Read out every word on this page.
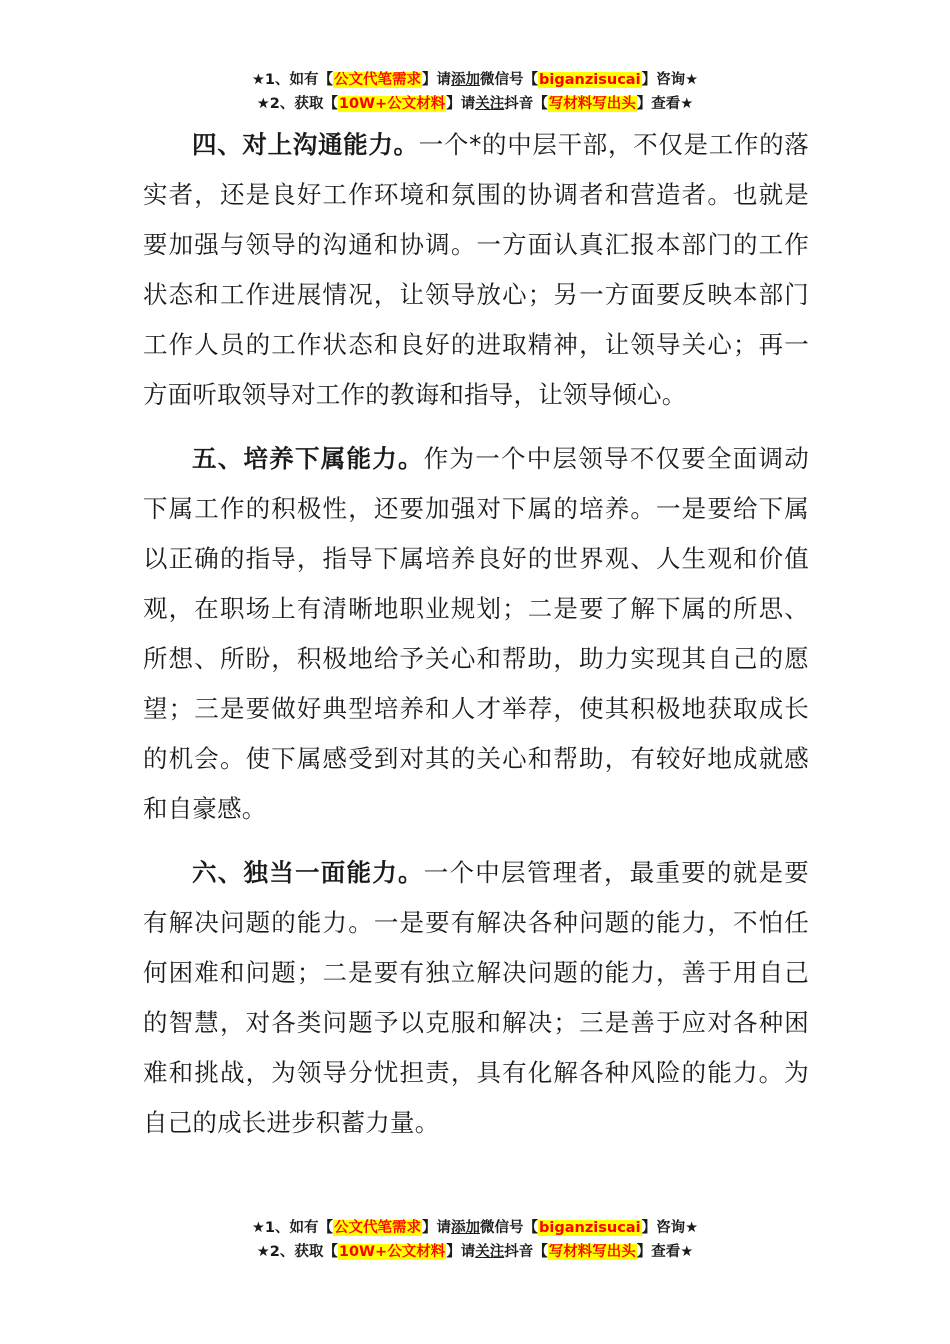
★1、如有【公文代笔需求】请添加微信号【biganzisucai】咨询★
★2、获取【10W+公文材料】请关注抖音【写材料写出头】查看★

四、对上沟通能力。一个*的中层干部，不仅是工作的落实者，还是良好工作环境和氛围的协调者和营造者。也就是要加强与领导的沟通和协调。一方面认真汇报本部门的工作状态和工作进展情况，让领导放心；另一方面要反映本部门工作人员的工作状态和良好的进取精神，让领导关心；再一方面听取领导对工作的教诲和指导，让领导倾心。

五、培养下属能力。作为一个中层领导不仅要全面调动下属工作的积极性，还要加强对下属的培养。一是要给下属以正确的指导，指导下属培养良好的世界观、人生观和价值观，在职场上有清晰地职业规划；二是要了解下属的所思、所想、所盼，积极地给予关心和帮助，助力实现其自己的愿望；三是要做好典型培养和人才举荐，使其积极地获取成长的机会。使下属感受到对其的关心和帮助，有较好地成就感和自豪感。

六、独当一面能力。一个中层管理者，最重要的就是要有解决问题的能力。一是要有解决各种问题的能力，不怕任何困难和问题；二是要有独立解决问题的能力，善于用自己的智慧，对各类问题予以克服和解决；三是善于应对各种困难和挑战，为领导分忧担责，具有化解各种风险的能力。为自己的成长进步积蓄力量。

★1、如有【公文代笔需求】请添加微信号【biganzisucai】咨询★
★2、获取【10W+公文材料】请关注抖音【写材料写出头】查看★
